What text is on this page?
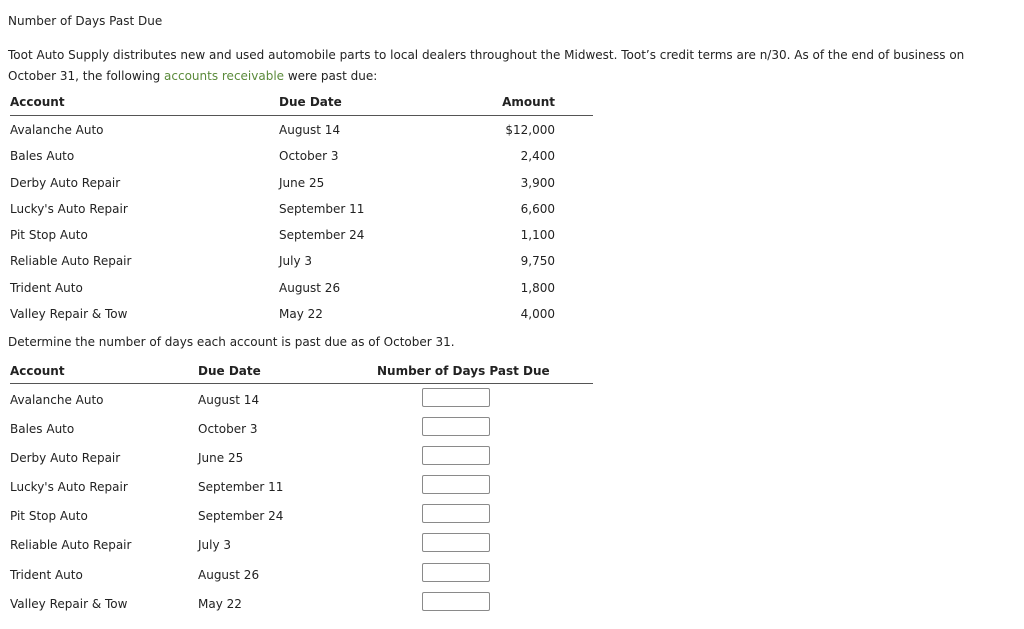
Number of Days Past Due
Toot Auto Supply distributes new and used automobile parts to local dealers throughout the Midwest. Toot’s credit terms are n/30. As of the end of business on October 31, the following accounts receivable were past due:
Account	Due Date	Amount
Avalanche Auto	August 14	$12,000
Bales Auto	October 3	2,400
Derby Auto Repair	June 25	3,900
Lucky's Auto Repair	September 11	6,600
Pit Stop Auto	September 24	1,100
Reliable Auto Repair	July 3	9,750
Trident Auto	August 26	1,800
Valley Repair & Tow	May 22	4,000
Determine the number of days each account is past due as of October 31.
Account	Due Date	Number of Days Past Due
Avalanche Auto	August 14
Bales Auto	October 3
Derby Auto Repair	June 25
Lucky's Auto Repair	September 11
Pit Stop Auto	September 24
Reliable Auto Repair	July 3
Trident Auto	August 26
Valley Repair & Tow	May 22
